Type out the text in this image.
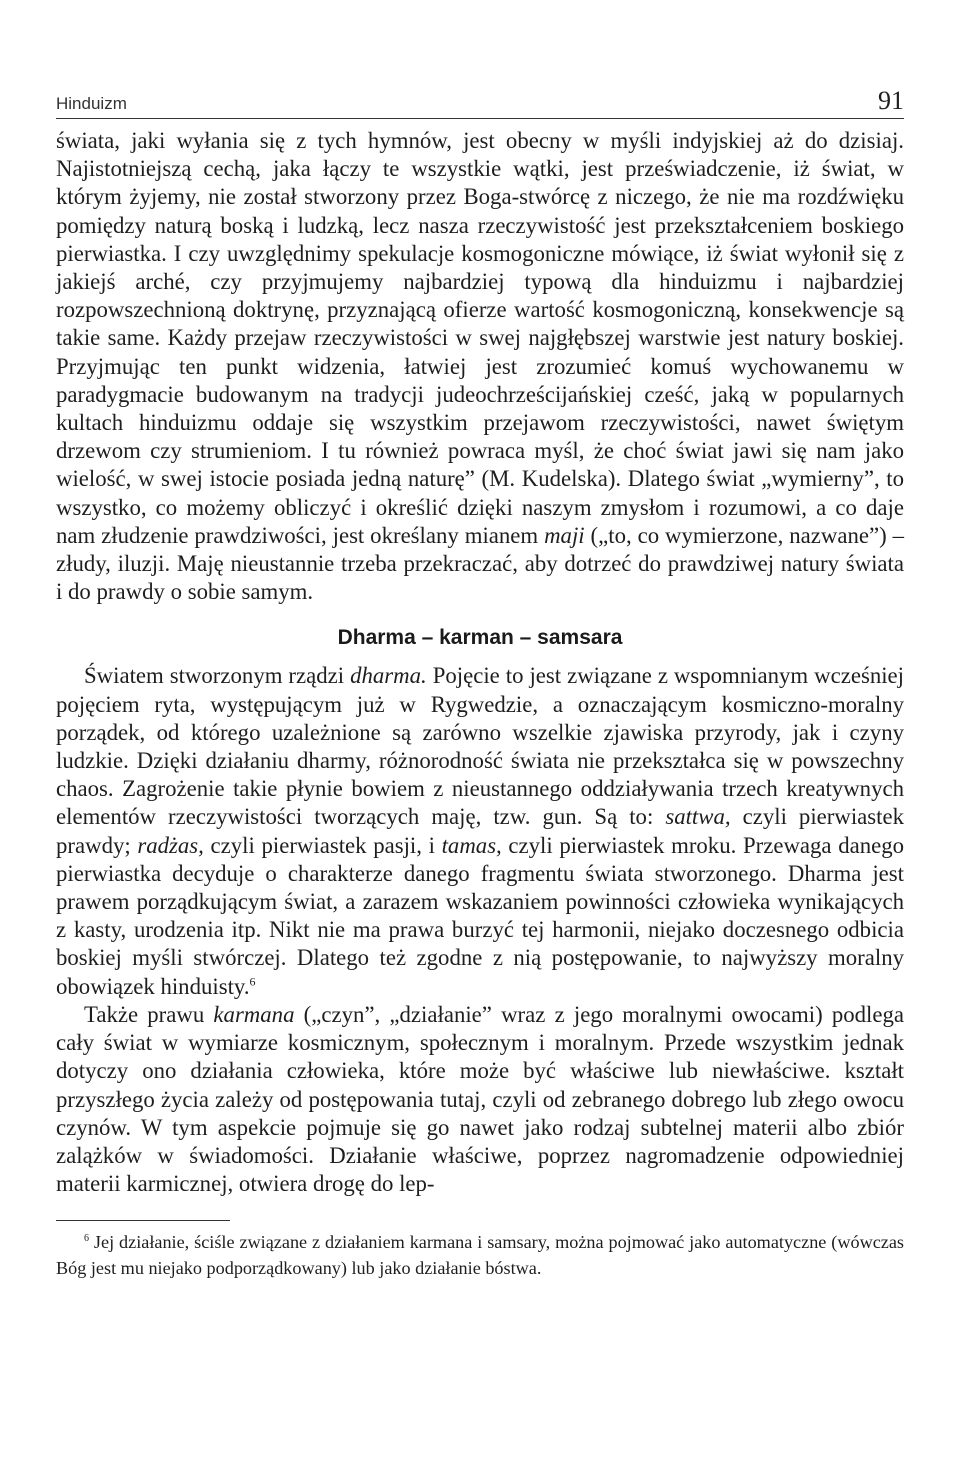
Hinduizm	91

świata, jaki wyłania się z tych hymnów, jest obecny w myśli indyjskiej aż do dzisiaj. Najistotniejszą cechą, jaka łączy te wszystkie wątki, jest przeświadczenie, iż świat, w którym żyjemy, nie został stworzony przez Boga-stwórcę z niczego, że nie ma rozdźwięku pomiędzy naturą boską i ludzką, lecz nasza rzeczywistość jest przekształceniem boskiego pierwiastka. I czy uwzględnimy spekulacje kosmogoniczne mówiące, iż świat wyłonił się z jakiejś arché, czy przyjmujemy najbardziej typową dla hinduizmu i najbardziej rozpowszechnioną doktrynę, przyznającą ofierze wartość kosmogoniczną, konsekwencje są takie same. Każdy przejaw rzeczywistości w swej najgłębszej warstwie jest natury boskiej. Przyjmując ten punkt widzenia, łatwiej jest zrozumieć komuś wychowanemu w paradygmacie budowanym na tradycji judeochrześcijańskiej cześć, jaką w popularnych kultach hinduizmu oddaje się wszystkim przejawom rzeczywistości, nawet świętym drzewom czy strumieniom. I tu również powraca myśl, że choć świat jawi się nam jako wielość, w swej istocie posiada jedną naturę” (M. Kudelska). Dlatego świat „wymierny”, to wszystko, co możemy obliczyć i określić dzięki naszym zmysłom i rozumowi, a co daje nam złudzenie prawdziwości, jest określany mianem maji („to, co wymierzone, nazwane”) – złudy, iluzji. Maję nieustannie trzeba przekraczać, aby dotrzeć do prawdziwej natury świata i do prawdy o sobie samym.

Dharma – karman – samsara

Światem stworzonym rządzi dharma. Pojęcie to jest związane z wspomnianym wcześniej pojęciem ryta, występującym już w Rygwedzie, a oznaczającym kosmiczno-moralny porządek, od którego uzależnione są zarówno wszelkie zjawiska przyrody, jak i czyny ludzkie. Dzięki działaniu dharmy, różnorodność świata nie przekształca się w powszechny chaos. Zagrożenie takie płynie bowiem z nieustannego oddziaływania trzech kreatywnych elementów rzeczywistości tworzących maję, tzw. gun. Są to: sattwa, czyli pierwiastek prawdy; radżas, czyli pierwiastek pasji, i tamas, czyli pierwiastek mroku. Przewaga danego pierwiastka decyduje o charakterze danego fragmentu świata stworzonego. Dharma jest prawem porządkującym świat, a zarazem wskazaniem powinności człowieka wynikających z kasty, urodzenia itp. Nikt nie ma prawa burzyć tej harmonii, niejako doczesnego odbicia boskiej myśli stwórczej. Dlatego też zgodne z nią postępowanie, to najwyższy moralny obowiązek hinduisty.$^6$

Także prawu karmana („czyn”, „działanie” wraz z jego moralnymi owocami) podlega cały świat w wymiarze kosmicznym, społecznym i moralnym. Przede wszystkim jednak dotyczy ono działania człowieka, które może być właściwe lub niewłaściwe. kształt przyszłego życia zależy od postępowania tutaj, czyli od zebranego dobrego lub złego owocu czynów. W tym aspekcie pojmuje się go nawet jako rodzaj subtelnej materii albo zbiór zalążków w świadomości. Działanie właściwe, poprzez nagromadzenie odpowiedniej materii karmicznej, otwiera drogę do lep-

$^6$ Jej działanie, ściśle związane z działaniem karmana i samsary, można pojmować jako automatyczne (wówczas Bóg jest mu niejako podporządkowany) lub jako działanie bóstwa.
